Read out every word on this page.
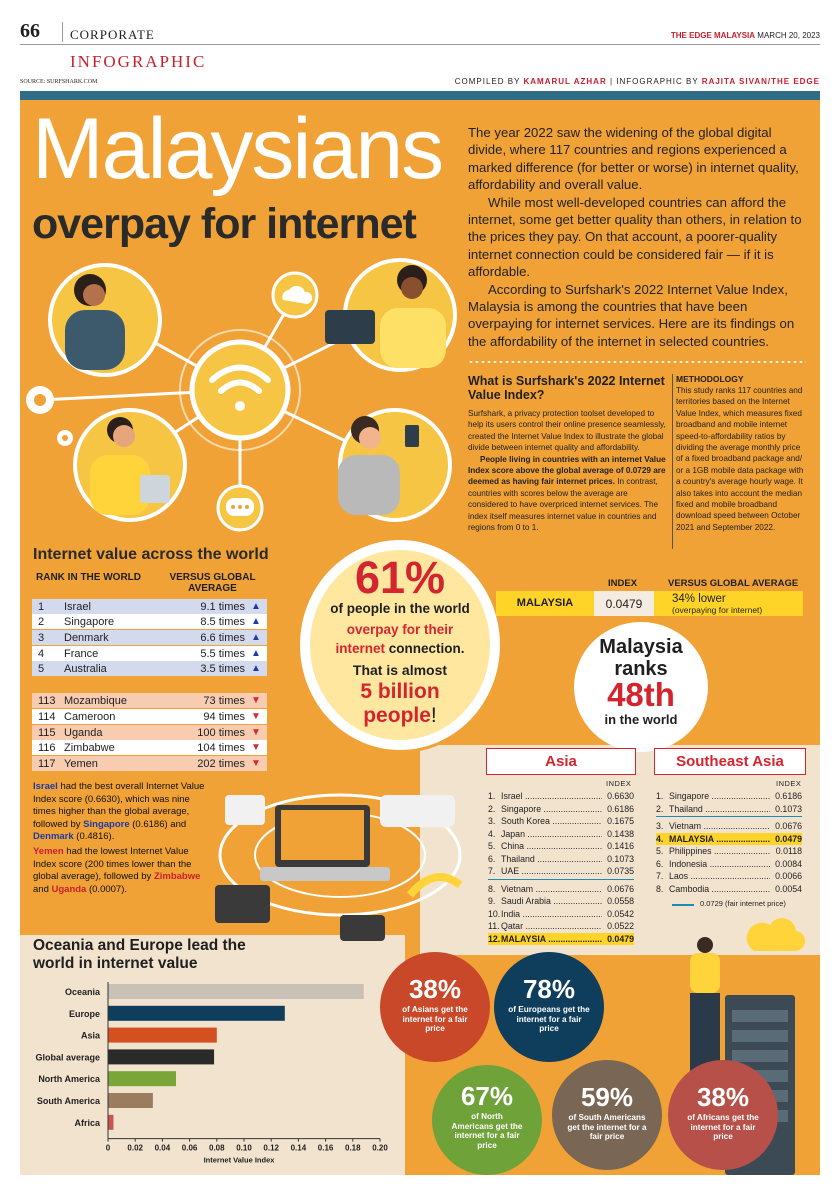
66 CORPORATE	THE EDGE MALAYSIA MARCH 20, 2023
INFOGRAPHIC
SOURCE: SURFSHARK.COM	COMPILED BY KAMARUL AZHAR | INFOGRAPHIC BY RAJITA SIVAN/THE EDGE
Malaysians
overpay for internet

The year 2022 saw the widening of the global digital divide, where 117 countries and regions experienced a marked difference (for better or worse) in internet quality, affordability and overall value.

While most well-developed countries can afford the internet, some get better quality than others, in relation to the prices they pay. On that account, a poorer-quality internet connection could be considered fair — if it is affordable.

According to Surfshark's 2022 Internet Value Index, Malaysia is among the countries that have been overpaying for internet services. Here are its findings on the affordability of the internet in selected countries.

What is Surfshark's 2022 Internet Value Index?
Surfshark, a privacy protection toolset developed to help its users control their online presence seamlessly, created the Internet Value Index to illustrate the global divide between internet quality and affordability.
People living in countries with an internet Value Index score above the global average of 0.0729 are deemed as having fair internet prices. In contrast, countries with scores below the average are considered to have overpriced internet services. The index itself measures internet value in countries and regions from 0 to 1.
METHODOLOGY
This study ranks 117 countries and territories based on the Internet Value Index, which measures fixed broadband and mobile internet speed-to-affordability ratios by dividing the average monthly price of a fixed broadband package and/ or a 1GB mobile data package with a country's average hourly wage. It also takes into account the median fixed and mobile broadband download speed between October 2021 and September 2022.
Internet value across the world
RANK IN THE WORLD	VERSUS GLOBAL AVERAGE
1	Israel	9.1 times ▲
2	Singapore	8.5 times ▲
3	Denmark	6.6 times ▲
4	France	5.5 times ▲
5	Australia	3.5 times ▲
113 Mozambique	73 times ▼
114 Cameroon	94 times ▼
115 Uganda	100 times ▼
116 Zimbabwe	104 times ▼
117 Yemen	202 times ▼
Israel had the best overall Internet Value Index score (0.6630), which was nine times higher than the global average, followed by Singapore (0.6186) and Denmark (0.4816).
Yemen had the lowest Internet Value Index score (200 times lower than the global average), followed by Zimbabwe and Uganda (0.0007).
61%
of people in the world
overpay for their
internet connection.
That is almost
5 billion
people!
INDEX	VERSUS GLOBAL AVERAGE
MALAYSIA	0.0479	34% lower
(overpaying for internet)
Malaysia
ranks
48th
in the world
Asia
INDEX
1. Israel .....	0.6630
2. Singapore .....	0.6186
3. South Korea .....	0.1675
4. Japan .....	0.1438
5. China .....	0.1416
6. Thailand .....	0.1073
7. UAE .....	0.0735
8. Vietnam .....	0.0676
9. Saudi Arabia .....	0.0558
10. India .....	0.0542
11. Qatar .....	0.0522
12. MALAYSIA .....	0.0479
Southeast Asia
INDEX
1. Singapore .....	0.6186
2. Thailand .....	0.1073
3. Vietnam .....	0.0676
4. MALAYSIA .....	0.0479
5. Philippines .....	0.0118
6. Indonesia .....	0.0084
7. Laos .....	0.0066
8. Cambodia .....	0.0054
0.0729 (fair internet price)
Oceania and Europe lead the world in internet value
Oceania
Europe
Asia
Global average
North America
South America
Africa
0 0.02 0.04 0.06 0.08 0.10 0.12 0.14 0.16 0.18 0.20
Internet Value Index
38%
of Asians get the internet for a fair price
78%
of Europeans get the internet for a fair price
67%
of North Americans get the internet for a fair price
59%
of South Americans get the internet for a fair price
38%
of Africans get the internet for a fair price
